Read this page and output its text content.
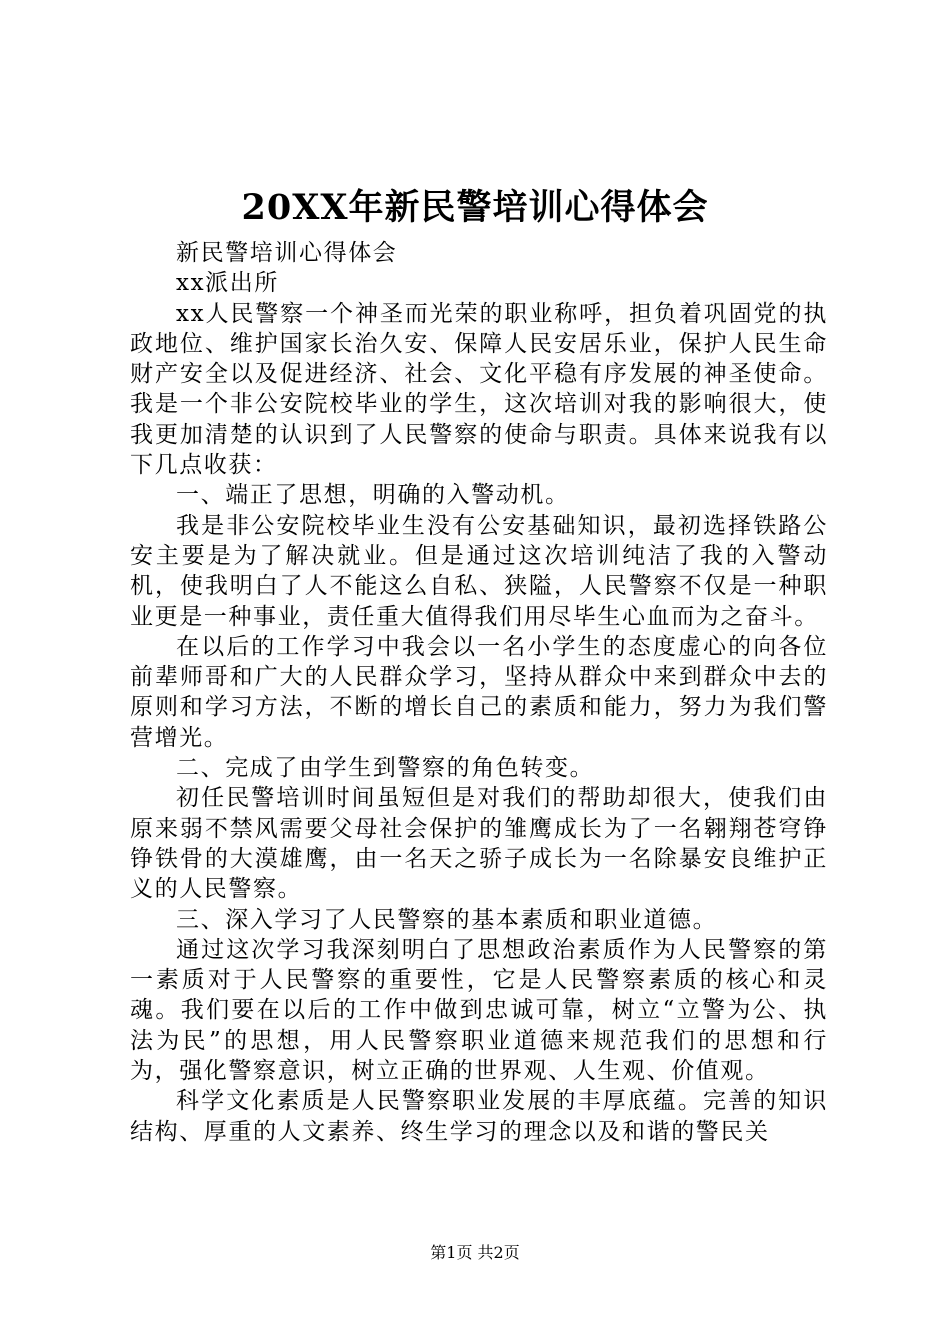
20XX年新民警培训心得体会

新民警培训心得体会

xx派出所

xx人民警察一个神圣而光荣的职业称呼，担负着巩固党的执政地位、维护国家长治久安、保障人民安居乐业，保护人民生命财产安全以及促进经济、社会、文化平稳有序发展的神圣使命。我是一个非公安院校毕业的学生，这次培训对我的影响很大，使我更加清楚的认识到了人民警察的使命与职责。具体来说我有以下几点收获：

一、端正了思想，明确的入警动机。

我是非公安院校毕业生没有公安基础知识，最初选择铁路公安主要是为了解决就业。但是通过这次培训纯洁了我的入警动机，使我明白了人不能这么自私、狭隘，人民警察不仅是一种职业更是一种事业，责任重大值得我们用尽毕生心血而为之奋斗。

在以后的工作学习中我会以一名小学生的态度虚心的向各位前辈师哥和广大的人民群众学习，坚持从群众中来到群众中去的原则和学习方法，不断的增长自己的素质和能力，努力为我们警营增光。

二、完成了由学生到警察的角色转变。

初任民警培训时间虽短但是对我们的帮助却很大，使我们由原来弱不禁风需要父母社会保护的雏鹰成长为了一名翱翔苍穹铮铮铁骨的大漠雄鹰，由一名天之骄子成长为一名除暴安良维护正义的人民警察。

三、深入学习了人民警察的基本素质和职业道德。

通过这次学习我深刻明白了思想政治素质作为人民警察的第一素质对于人民警察的重要性，它是人民警察素质的核心和灵魂。我们要在以后的工作中做到忠诚可靠，树立“立警为公、执法为民”的思想，用人民警察职业道德来规范我们的思想和行为，强化警察意识，树立正确的世界观、人生观、价值观。

科学文化素质是人民警察职业发展的丰厚底蕴。完善的知识结构、厚重的人文素养、终生学习的理念以及和谐的警民关

第1页 共2页
